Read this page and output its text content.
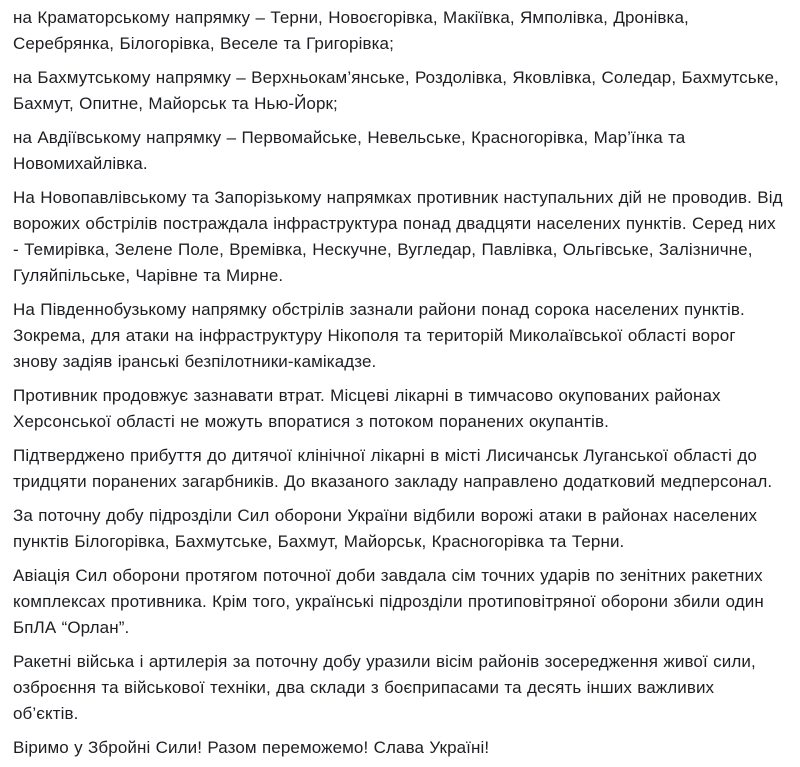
на Краматорському напрямку – Терни, Новоєгорівка, Макіївка, Ямполівка, Дронівка, Серебрянка, Білогорівка, Веселе та Григорівка;

на Бахмутському напрямку – Верхньокам’янське, Роздолівка, Яковлівка, Соледар, Бахмутське, Бахмут, Опитне, Майорськ та Нью-Йорк;

на Авдіївському напрямку – Первомайське, Невельське, Красногорівка, Мар’їнка та Новомихайлівка.

На Новопавлівському та Запорізькому напрямках противник наступальних дій не проводив. Від ворожих обстрілів постраждала інфраструктура понад двадцяти населених пунктів. Серед них - Темирівка, Зелене Поле, Времівка, Нескучне, Вугледар, Павлівка, Ольгівське, Залізничне, Гуляйпільське, Чарівне та Мирне.

На Південнобузькому напрямку обстрілів зазнали райони понад сорока населених пунктів. Зокрема, для атаки на інфраструктуру Нікополя та територій Миколаївської області ворог знову задіяв іранські безпілотники-камікадзе.

Противник продовжує зазнавати втрат. Місцеві лікарні в тимчасово окупованих районах Херсонської області не можуть впоратися з потоком поранених окупантів.

Підтверджено прибуття до дитячої клінічної лікарні в місті Лисичанськ Луганської області до тридцяти поранених загарбників. До вказаного закладу направлено додатковий медперсонал.

За поточну добу підрозділи Сил оборони України відбили ворожі атаки в районах населених пунктів Білогорівка, Бахмутське, Бахмут, Майорськ, Красногорівка та Терни.

Авіація Сил оборони протягом поточної доби завдала сім точних ударів по зенітних ракетних комплексах противника. Крім того, українські підрозділи протиповітряної оборони збили один БпЛА “Орлан”.

Ракетні війська і артилерія за поточну добу уразили вісім районів зосередження живої сили, озброєння та військової техніки, два склади з боєприпасами та десять інших важливих об’єктів.

Віримо у Збройні Сили! Разом переможемо! Слава Україні!
